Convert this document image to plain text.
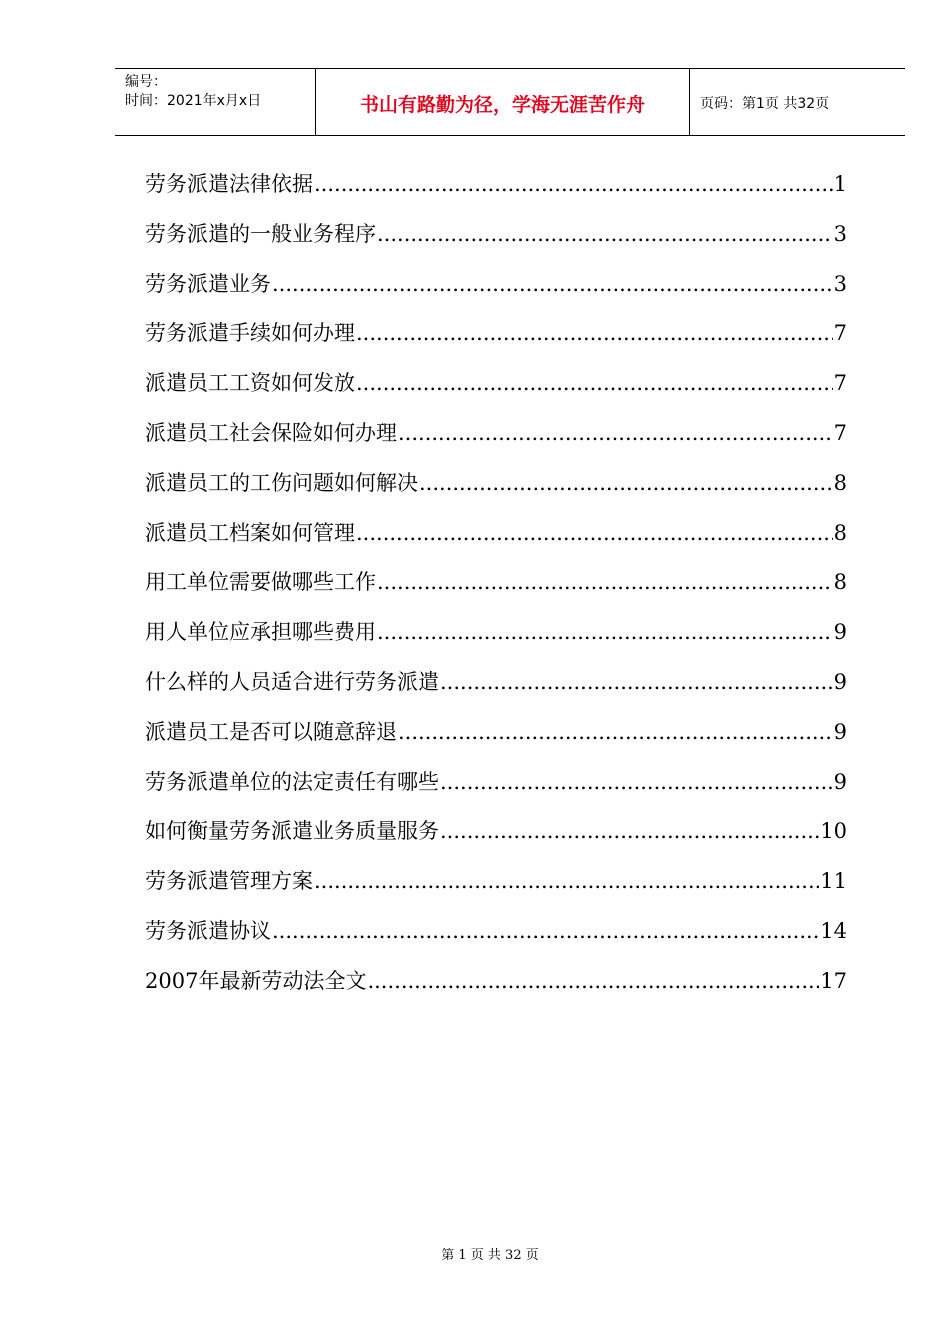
编号：
时间：2021年x月x日	书山有路勤为径，学海无涯苦作舟	页码：第1页 共32页
劳务派遣法律依据 .....	1
劳务派遣的一般业务程序 .....	3
劳务派遣业务 .....	3
劳务派遣手续如何办理 .....	7
派遣员工工资如何发放 .....	7
派遣员工社会保险如何办理 .....	7
派遣员工的工伤问题如何解决 .....	8
派遣员工档案如何管理 .....	8
用工单位需要做哪些工作 .....	8
用人单位应承担哪些费用 .....	9
什么样的人员适合进行劳务派遣 .....	9
派遣员工是否可以随意辞退 .....	9
劳务派遣单位的法定责任有哪些 .....	9
如何衡量劳务派遣业务质量服务 .....	10
劳务派遣管理方案 .....	11
劳务派遣协议 .....	14
2007年最新劳动法全文 .....	17
第 1 页 共 32 页
